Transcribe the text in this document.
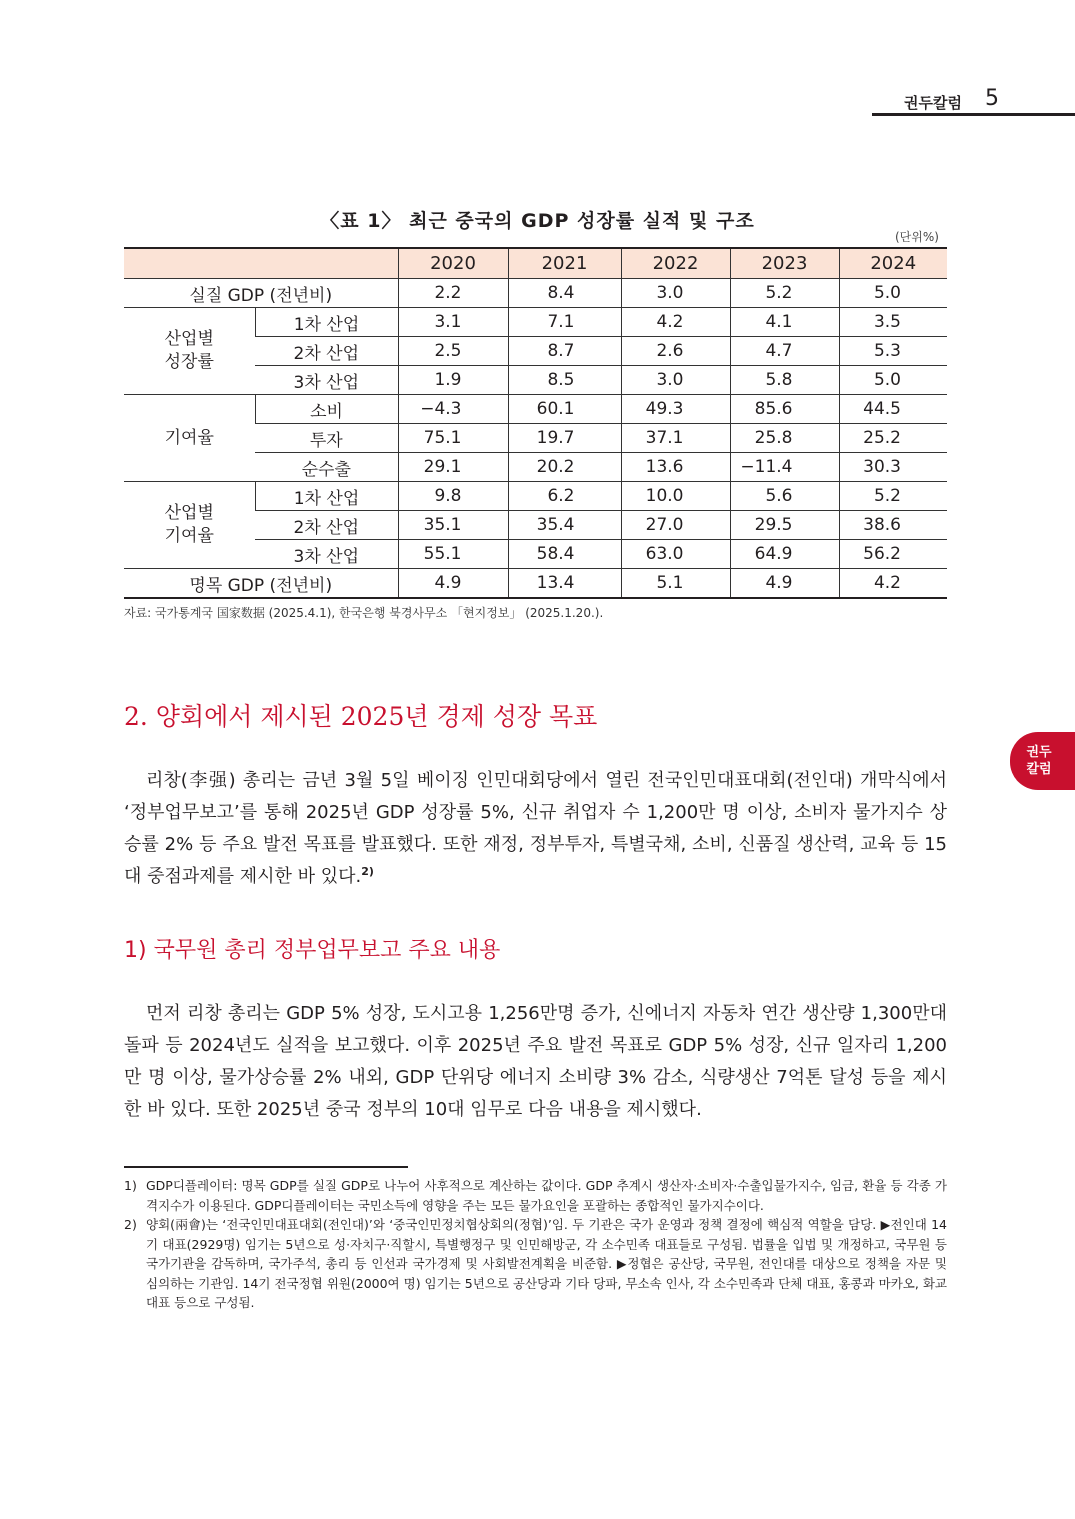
권두칼럼 5
권두
칼럼
〈표 1〉 최근 중국의 GDP 성장률 실적 및 구조
(단위%)
		2020	2021	2022	2023	2024
실질 GDP (전년비)		2.2	8.4	3.0	5.2	5.0

산업별
성장률	1차 산업	3.1	7.1	4.2	4.1	3.5
	2차 산업	2.5	8.7	2.6	4.7	5.3
	3차 산업	1.9	8.5	3.0	5.8	5.0
기여율	소비	−4.3	60.1	49.3	85.6	44.5
	투자	75.1	19.7	37.1	25.8	25.2
	순수출	29.1	20.2	13.6	−11.4	30.3

산업별
기여율	1차 산업	9.8	6.2	10.0	5.6	5.2
	2차 산업	35.1	35.4	27.0	29.5	38.6
	3차 산업	55.1	58.4	63.0	64.9	56.2
명목 GDP (전년비)		4.9	13.4	5.1	4.9	4.2
자료: 국가통계국 国家数据 (2025.4.1), 한국은행 북경사무소 「현지정보」 (2025.1.20.).
2. 양회에서 제시된 2025년 경제 성장 목표
리창(李强) 총리는 금년 3월 5일 베이징 인민대회당에서 열린 전국인민대표대회(전인대) 개막식에서 ‘정부업무보고’를 통해 2025년 GDP 성장률 5%, 신규 취업자 수 1,200만 명 이상, 소비자 물가지수 상승률 2% 등 주요 발전 목표를 발표했다. 또한 재정, 정부투자, 특별국채, 소비, 신품질 생산력, 교육 등 15대 중점과제를 제시한 바 있다.$^{2)}$
1) 국무원 총리 정부업무보고 주요 내용
먼저 리창 총리는 GDP 5% 성장, 도시고용 1,256만명 증가, 신에너지 자동차 연간 생산량 1,300만대 돌파 등 2024년도 실적을 보고했다. 이후 2025년 주요 발전 목표로 GDP 5% 성장, 신규 일자리 1,200만 명 이상, 물가상승률 2% 내외, GDP 단위당 에너지 소비량 3% 감소, 식량생산 7억톤 달성 등을 제시한 바 있다. 또한 2025년 중국 정부의 10대 임무로 다음 내용을 제시했다.
1) GDP디플레이터: 명목 GDP를 실질 GDP로 나누어 사후적으로 계산하는 값이다. GDP 추계시 생산자·소비자·수출입물가지수, 임금, 환율 등 각종 가격지수가 이용된다. GDP디플레이터는 국민소득에 영향을 주는 모든 물가요인을 포괄하는 종합적인 물가지수이다.
2) 양회(兩會)는 ‘전국인민대표대회(전인대)’와 ‘중국인민정치협상회의(정협)’임. 두 기관은 국가 운영과 정책 결정에 핵심적 역할을 담당. ▶전인대 14기 대표(2929명) 임기는 5년으로 성·자치구·직할시, 특별행정구 및 인민해방군, 각 소수민족 대표들로 구성됨. 법률을 입법 및 개정하고, 국무원 등 국가기관을 감독하며, 국가주석, 총리 등 인선과 국가경제 및 사회발전계획을 비준함. ▶정협은 공산당, 국무원, 전인대를 대상으로 정책을 자문 및 심의하는 기관임. 14기 전국정협 위원(2000여 명) 임기는 5년으로 공산당과 기타 당파, 무소속 인사, 각 소수민족과 단체 대표, 홍콩과 마카오, 화교 대표 등으로 구성됨.
